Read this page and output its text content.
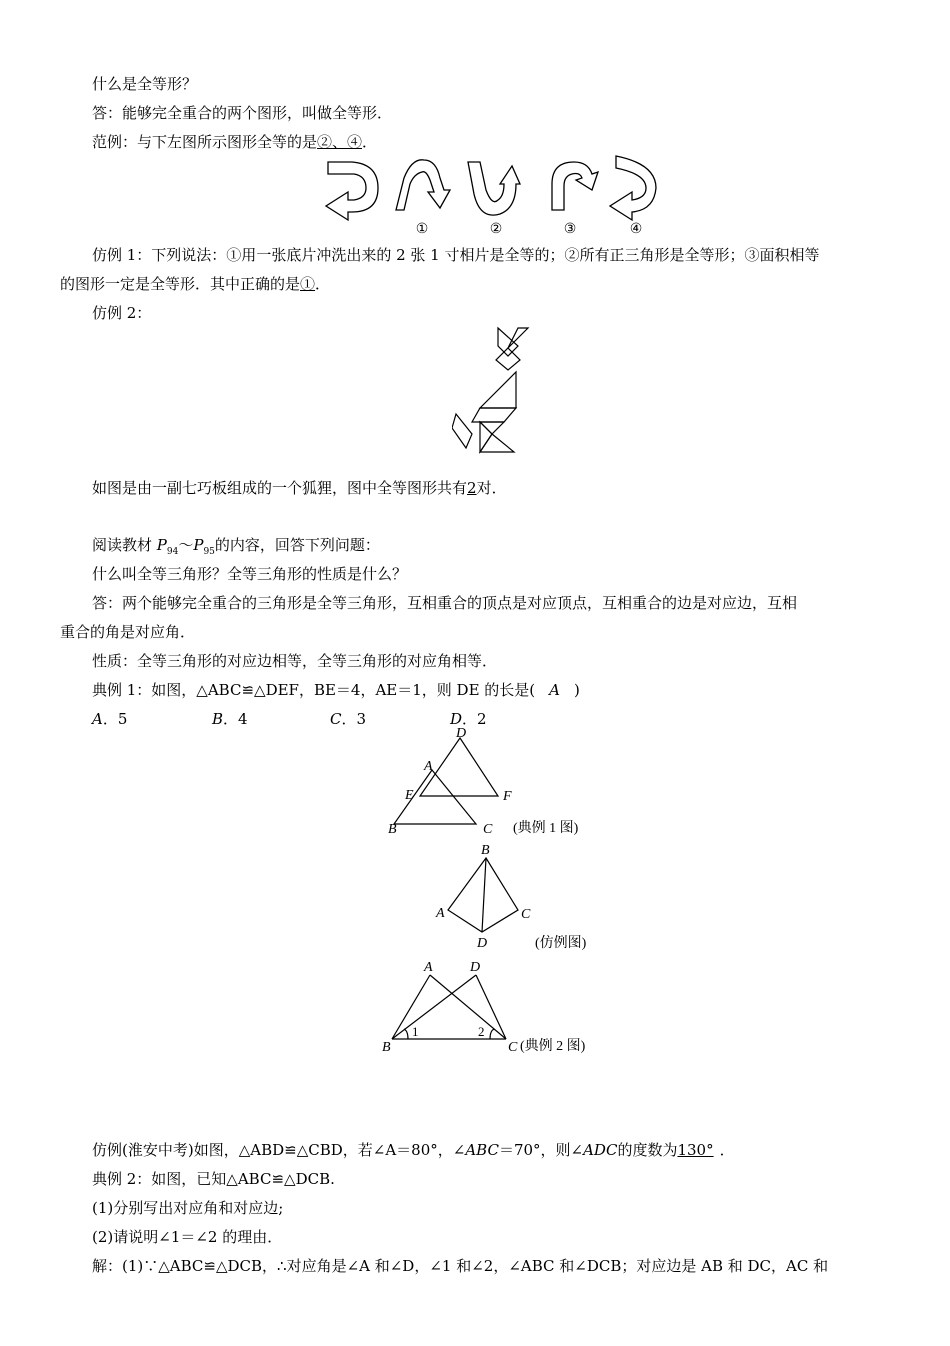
什么是全等形？
答：能够完全重合的两个图形，叫做全等形．
范例：与下左图所示图形全等的是②、④．
①	②	③	④
仿例 1：下列说法：①用一张底片冲洗出来的 2 张 1 寸相片是全等的；②所有正三角形是全等形；③面积相等
的图形一定是全等形．其中正确的是①．
仿例 2：
如图是由一副七巧板组成的一个狐狸，图中全等图形共有2对．
阅读教材 $P_{94}\sim P_{95}$的内容，回答下列问题：
什么叫全等三角形？全等三角形的性质是什么？
答：两个能够完全重合的三角形是全等三角形，互相重合的顶点是对应顶点，互相重合的边是对应边，互相
重合的角是对应角．
性质：全等三角形的对应边相等，全等三角形的对应角相等．
典例 1：如图，△ABC≌△DEF，BE＝4，AE＝1，则 DE 的长是( A )
A．5	B．4	C．3	D．2
D
A
E	F
B	C (典例 1 图)
B
A	C
D	(仿例图)
A	D
B	C
1	2
(典例 2 图)
仿例(淮安中考)如图，△ABD≌△CBD，若∠A＝80°，∠ABC＝70°，则∠ADC的度数为130° ．
典例 2：如图，已知△ABC≌△DCB.
(1)分别写出对应角和对应边;
(2)请说明∠1＝∠2 的理由．
解：(1)∵△ABC≌△DCB，∴对应角是∠A 和∠D，∠1 和∠2，∠ABC 和∠DCB；对应边是 AB 和 DC，AC 和
